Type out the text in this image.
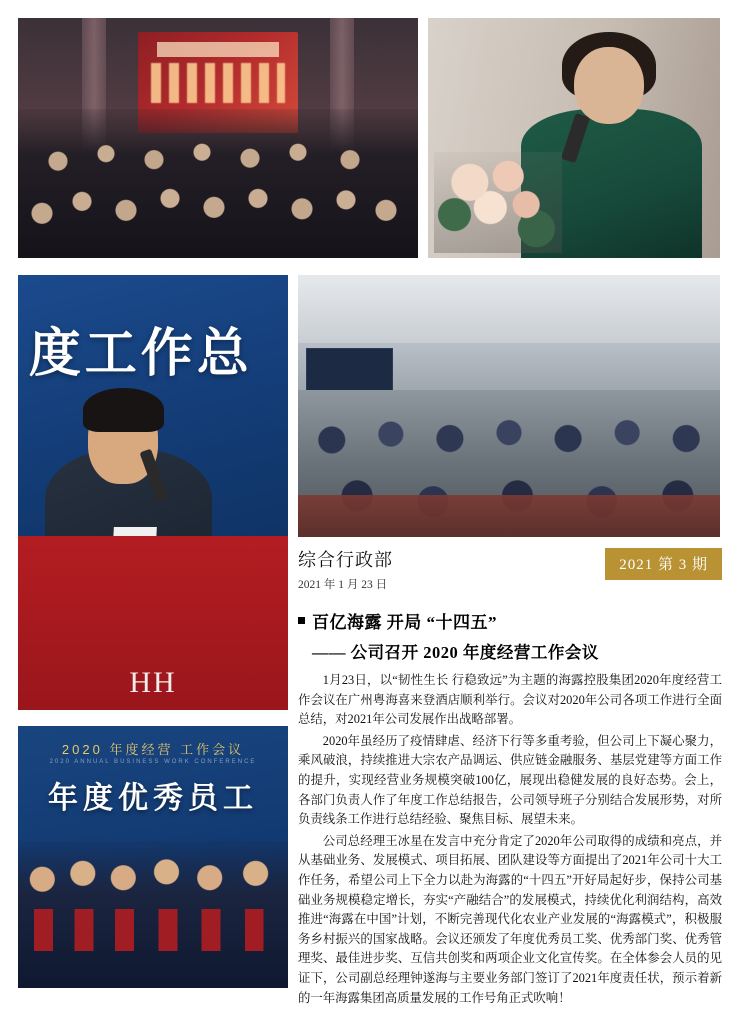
度工作总
HH
2020 年度经营 工作会议
2020 ANNUAL BUSINESS WORK CONFERENCE
年度优秀员工
综合行政部
2021 年 1 月 23 日
2021 第 3 期
百亿海露 开局 “十四五”
—— 公司召开 2020 年度经营工作会议

1月23日，以“韧性生长 行稳致远”为主题的海露控股集团2020年度经营工作会议在广州粤海喜来登酒店顺利举行。会议对2020年公司各项工作进行全面总结，对2021年公司发展作出战略部署。

2020年虽经历了疫情肆虐、经济下行等多重考验，但公司上下凝心聚力，乘风破浪，持续推进大宗农产品调运、供应链金融服务、基层党建等方面工作的提升，实现经营业务规模突破100亿，展现出稳健发展的良好态势。会上，各部门负责人作了年度工作总结报告，公司领导班子分别结合发展形势，对所负责线条工作进行总结经验、聚焦目标、展望未来。

公司总经理王冰星在发言中充分肯定了2020年公司取得的成绩和亮点，并从基础业务、发展模式、项目拓展、团队建设等方面提出了2021年公司十大工作任务，希望公司上下全力以赴为海露的“十四五”开好局起好步，保持公司基础业务规模稳定增长，夯实“产融结合”的发展模式，持续优化利润结构，高效推进“海露在中国”计划，不断完善现代化农业产业发展的“海露模式”，积极服务乡村振兴的国家战略。会议还颁发了年度优秀员工奖、优秀部门奖、优秀管理奖、最佳进步奖、互信共创奖和两项企业文化宣传奖。在全体参会人员的见证下，公司副总经理钟遂海与主要业务部门签订了2021年度责任状，预示着新的一年海露集团高质量发展的工作号角正式吹响！
